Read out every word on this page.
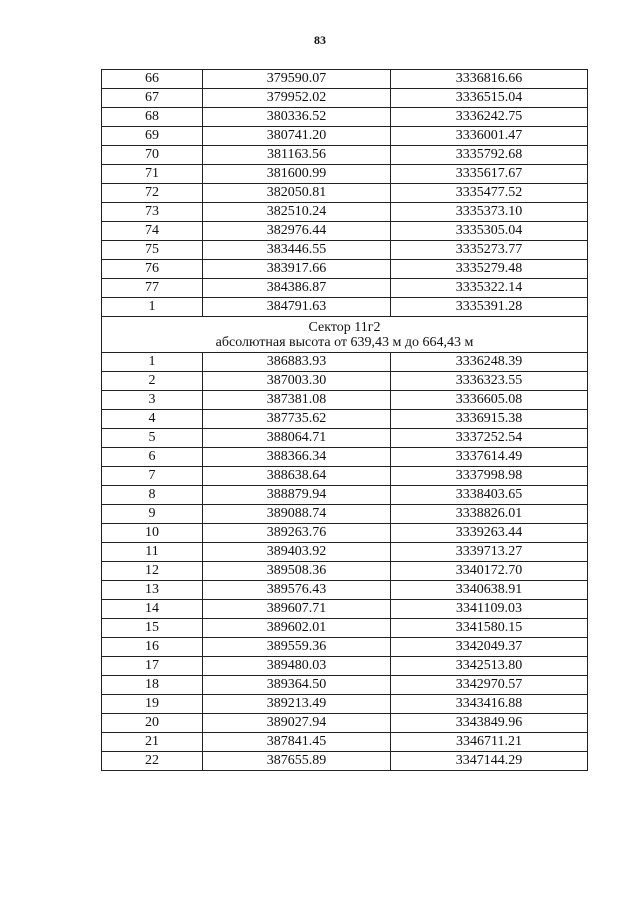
83
66	379590.07	3336816.66
67	379952.02	3336515.04
68	380336.52	3336242.75
69	380741.20	3336001.47
70	381163.56	3335792.68
71	381600.99	3335617.67
72	382050.81	3335477.52
73	382510.24	3335373.10
74	382976.44	3335305.04
75	383446.55	3335273.77
76	383917.66	3335279.48
77	384386.87	3335322.14
1	384791.63	3335391.28

Сектор 11г2
абсолютная высота от 639,43 м до 664,43 м		

1	386883.93	3336248.39
2	387003.30	3336323.55
3	387381.08	3336605.08
4	387735.62	3336915.38
5	388064.71	3337252.54
6	388366.34	3337614.49
7	388638.64	3337998.98
8	388879.94	3338403.65
9	389088.74	3338826.01
10	389263.76	3339263.44
11	389403.92	3339713.27
12	389508.36	3340172.70
13	389576.43	3340638.91
14	389607.71	3341109.03
15	389602.01	3341580.15
16	389559.36	3342049.37
17	389480.03	3342513.80
18	389364.50	3342970.57
19	389213.49	3343416.88
20	389027.94	3343849.96
21	387841.45	3346711.21
22	387655.89	3347144.29
